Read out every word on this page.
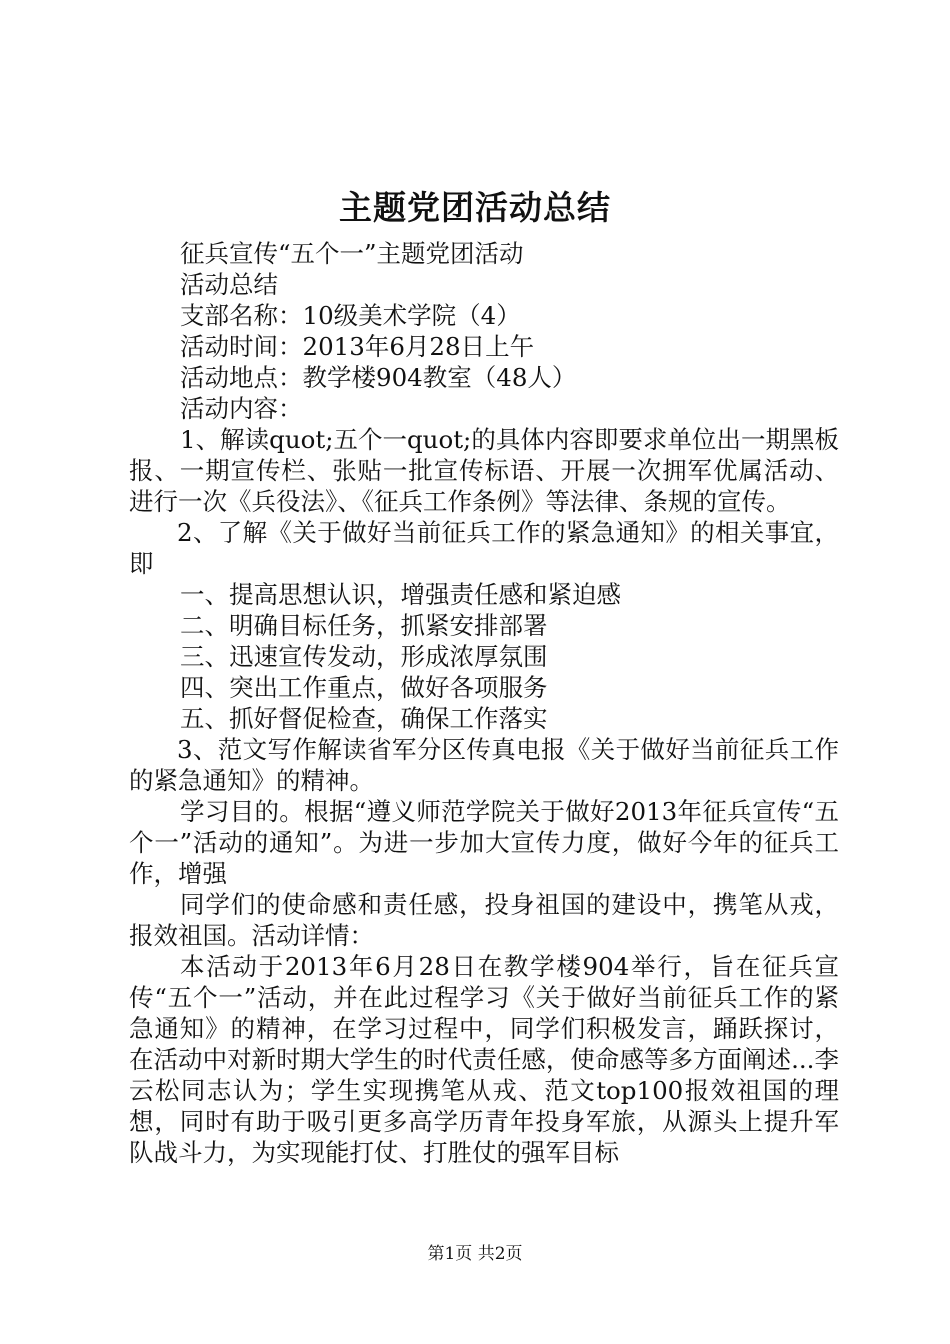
主题党团活动总结

征兵宣传“五个一”主题党团活动

活动总结

支部名称：10级美术学院（4）

活动时间：2013年6月28日上午

活动地点：教学楼904教室（48人）

活动内容：

1、解读quot;五个一quot;的具体内容即要求单位出一期黑板报、一期宣传栏、张贴一批宣传标语、开展一次拥军优属活动、进行一次《兵役法》、《征兵工作条例》等法律、条规的宣传。

2、了解《关于做好当前征兵工作的紧急通知》的相关事宜，即

一、提高思想认识，增强责任感和紧迫感

二、明确目标任务，抓紧安排部署

三、迅速宣传发动，形成浓厚氛围

四、突出工作重点，做好各项服务

五、抓好督促检查，确保工作落实

3、范文写作解读省军分区传真电报《关于做好当前征兵工作的紧急通知》的精神。

学习目的。根据“遵义师范学院关于做好2013年征兵宣传“五个一”活动的通知”。为进一步加大宣传力度，做好今年的征兵工作，增强

同学们的使命感和责任感，投身祖国的建设中，携笔从戎，报效祖国。活动详情：

本活动于2013年6月28日在教学楼904举行，旨在征兵宣传“五个一”活动，并在此过程学习《关于做好当前征兵工作的紧急通知》的精神，在学习过程中，同学们积极发言，踊跃探讨，在活动中对新时期大学生的时代责任感，使命感等多方面阐述...李云松同志认为；学生实现携笔从戎、范文top100报效祖国的理想，同时有助于吸引更多高学历青年投身军旅，从源头上提升军队战斗力，为实现能打仗、打胜仗的强军目标

第1页 共2页
